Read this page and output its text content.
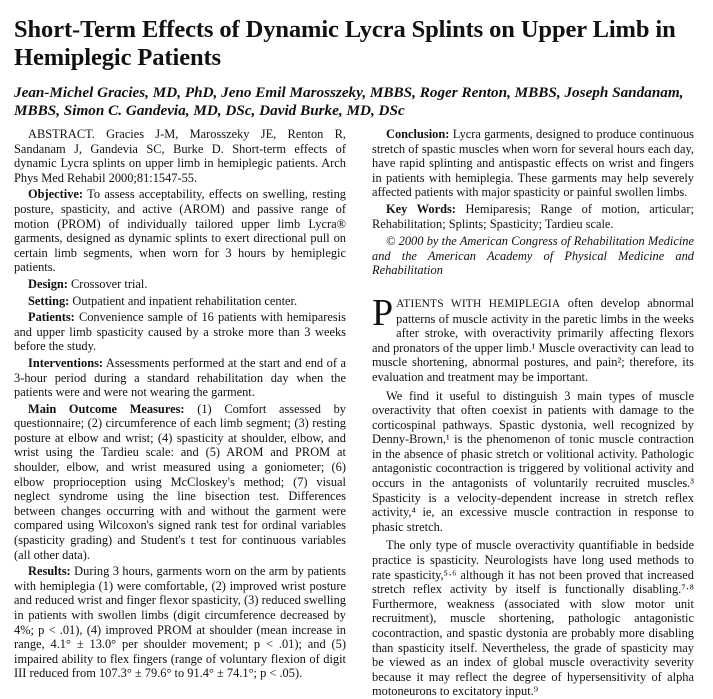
Short-Term Effects of Dynamic Lycra Splints on Upper Limb in Hemiplegic Patients
Jean-Michel Gracies, MD, PhD, Jeno Emil Marosszeky, MBBS, Roger Renton, MBBS, Joseph Sandanam, MBBS, Simon C. Gandevia, MD, DSc, David Burke, MD, DSc

ABSTRACT. Gracies J-M, Marosszeky JE, Renton R, Sandanam J, Gandevia SC, Burke D. Short-term effects of dynamic Lycra splints on upper limb in hemiplegic patients. Arch Phys Med Rehabil 2000;81:1547-55.

Objective: To assess acceptability, effects on swelling, resting posture, spasticity, and active (AROM) and passive range of motion (PROM) of individually tailored upper limb Lycra® garments, designed as dynamic splints to exert directional pull on certain limb segments, when worn for 3 hours by hemiplegic patients.

Design: Crossover trial.

Setting: Outpatient and inpatient rehabilitation center.

Patients: Convenience sample of 16 patients with hemiparesis and upper limb spasticity caused by a stroke more than 3 weeks before the study.

Interventions: Assessments performed at the start and end of a 3-hour period during a standard rehabilitation day when the patients were and were not wearing the garment.

Main Outcome Measures: (1) Comfort assessed by questionnaire; (2) circumference of each limb segment; (3) resting posture at elbow and wrist; (4) spasticity at shoulder, elbow, and wrist using the Tardieu scale: and (5) AROM and PROM at shoulder, elbow, and wrist measured using a goniometer; (6) elbow proprioception using McCloskey's method; (7) visual neglect syndrome using the line bisection test. Differences between changes occurring with and without the garment were compared using Wilcoxon's signed rank test for ordinal variables (spasticity grading) and Student's t test for continuous variables (all other data).

Results: During 3 hours, garments worn on the arm by patients with hemiplegia (1) were comfortable, (2) improved wrist posture and reduced wrist and finger flexor spasticity, (3) reduced swelling in patients with swollen limbs (digit circumference decreased by 4%; p < .01), (4) improved PROM at shoulder (mean increase in range, 4.1° ± 13.0° per shoulder movement; p < .01); and (5) impaired ability to flex fingers (range of voluntary flexion of digit III reduced from 107.3° ± 79.6° to 91.4° ± 74.1°; p < .05).

Conclusion: Lycra garments, designed to produce continuous stretch of spastic muscles when worn for several hours each day, have rapid splinting and antispastic effects on wrist and fingers in patients with hemiplegia. These garments may help severely affected patients with major spasticity or painful swollen limbs.

Key Words: Hemiparesis; Range of motion, articular; Rehabilitation; Splints; Spasticity; Tardieu scale.

© 2000 by the American Congress of Rehabilitation Medicine and the American Academy of Physical Medicine and Rehabilitation

PATIENTS WITH HEMIPLEGIA often develop abnormal patterns of muscle activity in the paretic limbs in the weeks after stroke, with overactivity primarily affecting flexors and pronators of the upper limb.¹ Muscle overactivity can lead to muscle shortening, abnormal postures, and pain²; therefore, its evaluation and treatment may be important.

We find it useful to distinguish 3 main types of muscle overactivity that often coexist in patients with damage to the corticospinal pathways. Spastic dystonia, well recognized by Denny-Brown,¹ is the phenomenon of tonic muscle contraction in the absence of phasic stretch or volitional activity. Pathologic antagonistic cocontraction is triggered by volitional activity and occurs in the antagonists of voluntarily recruited muscles.³ Spasticity is a velocity-dependent increase in stretch reflex activity,⁴ ie, an excessive muscle contraction in response to phasic stretch.

The only type of muscle overactivity quantifiable in bedside practice is spasticity. Neurologists have long used methods to rate spasticity,⁵·⁶ although it has not been proved that increased stretch reflex activity by itself is functionally disabling.⁷·⁸ Furthermore, weakness (associated with slow motor unit recruitment), muscle shortening, pathologic antagonistic cocontraction, and spastic dystonia are probably more disabling than spasticity itself. Nevertheless, the grade of spasticity may be viewed as an index of global muscle overactivity severity because it may reflect the degree of hypersensitivity of alpha motoneurons to excitatory input.⁹
